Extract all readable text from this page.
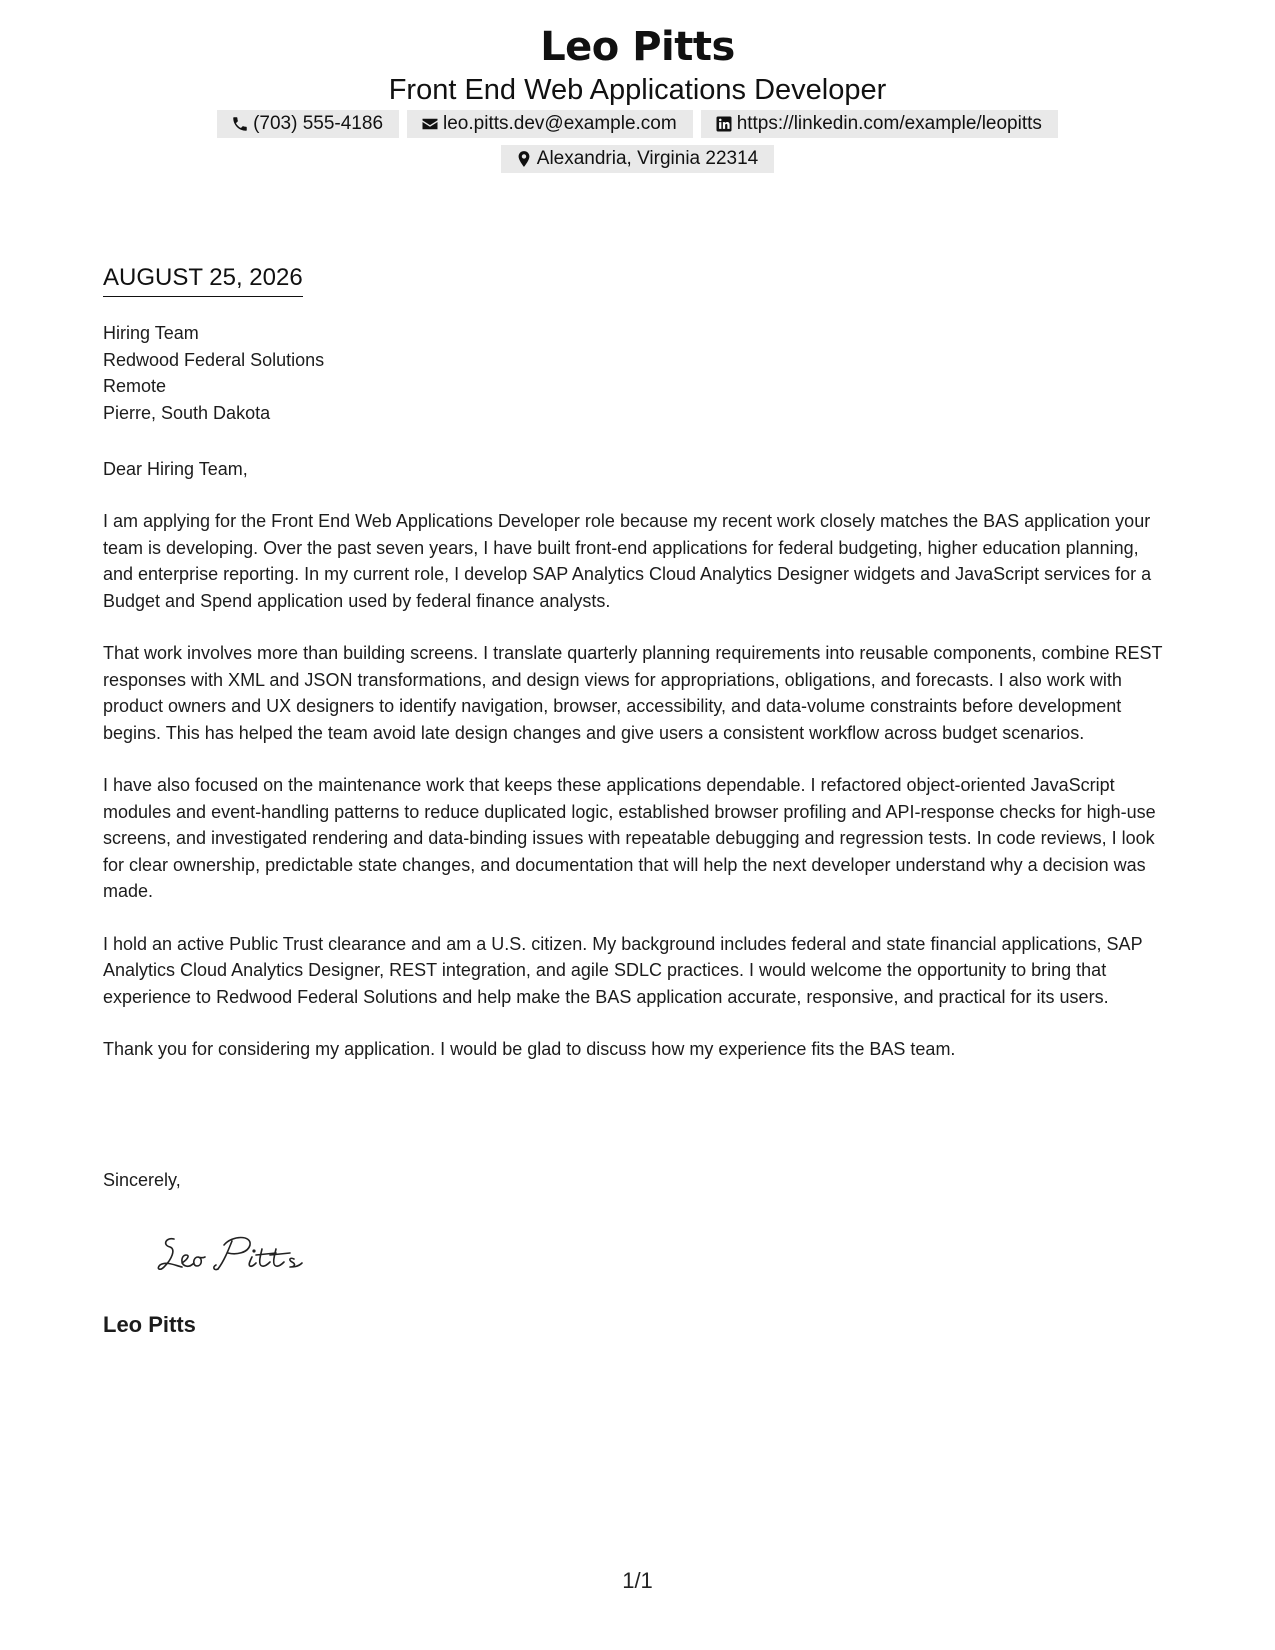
Leo Pitts
Front End Web Applications Developer
(703) 555-4186	leo.pitts.dev@example.com	https://linkedin.com/example/leopitts
Alexandria, Virginia 22314
AUGUST 25, 2026
Hiring Team
Redwood Federal Solutions
Remote
Pierre, South Dakota
Dear Hiring Team,

I am applying for the Front End Web Applications Developer role because my recent work closely matches the BAS application your team is developing. Over the past seven years, I have built front-end applications for federal budgeting, higher education planning, and enterprise reporting. In my current role, I develop SAP Analytics Cloud Analytics Designer widgets and JavaScript services for a Budget and Spend application used by federal finance analysts.

That work involves more than building screens. I translate quarterly planning requirements into reusable components, combine REST responses with XML and JSON transformations, and design views for appropriations, obligations, and forecasts. I also work with product owners and UX designers to identify navigation, browser, accessibility, and data-volume constraints before development begins. This has helped the team avoid late design changes and give users a consistent workflow across budget scenarios.

I have also focused on the maintenance work that keeps these applications dependable. I refactored object-oriented JavaScript modules and event-handling patterns to reduce duplicated logic, established browser profiling and API-response checks for high-use screens, and investigated rendering and data-binding issues with repeatable debugging and regression tests. In code reviews, I look for clear ownership, predictable state changes, and documentation that will help the next developer understand why a decision was made.

I hold an active Public Trust clearance and am a U.S. citizen. My background includes federal and state financial applications, SAP Analytics Cloud Analytics Designer, REST integration, and agile SDLC practices. I would welcome the opportunity to bring that experience to Redwood Federal Solutions and help make the BAS application accurate, responsive, and practical for its users.

Thank you for considering my application. I would be glad to discuss how my experience fits the BAS team.

Sincerely,
Leo Pitts
1/1
